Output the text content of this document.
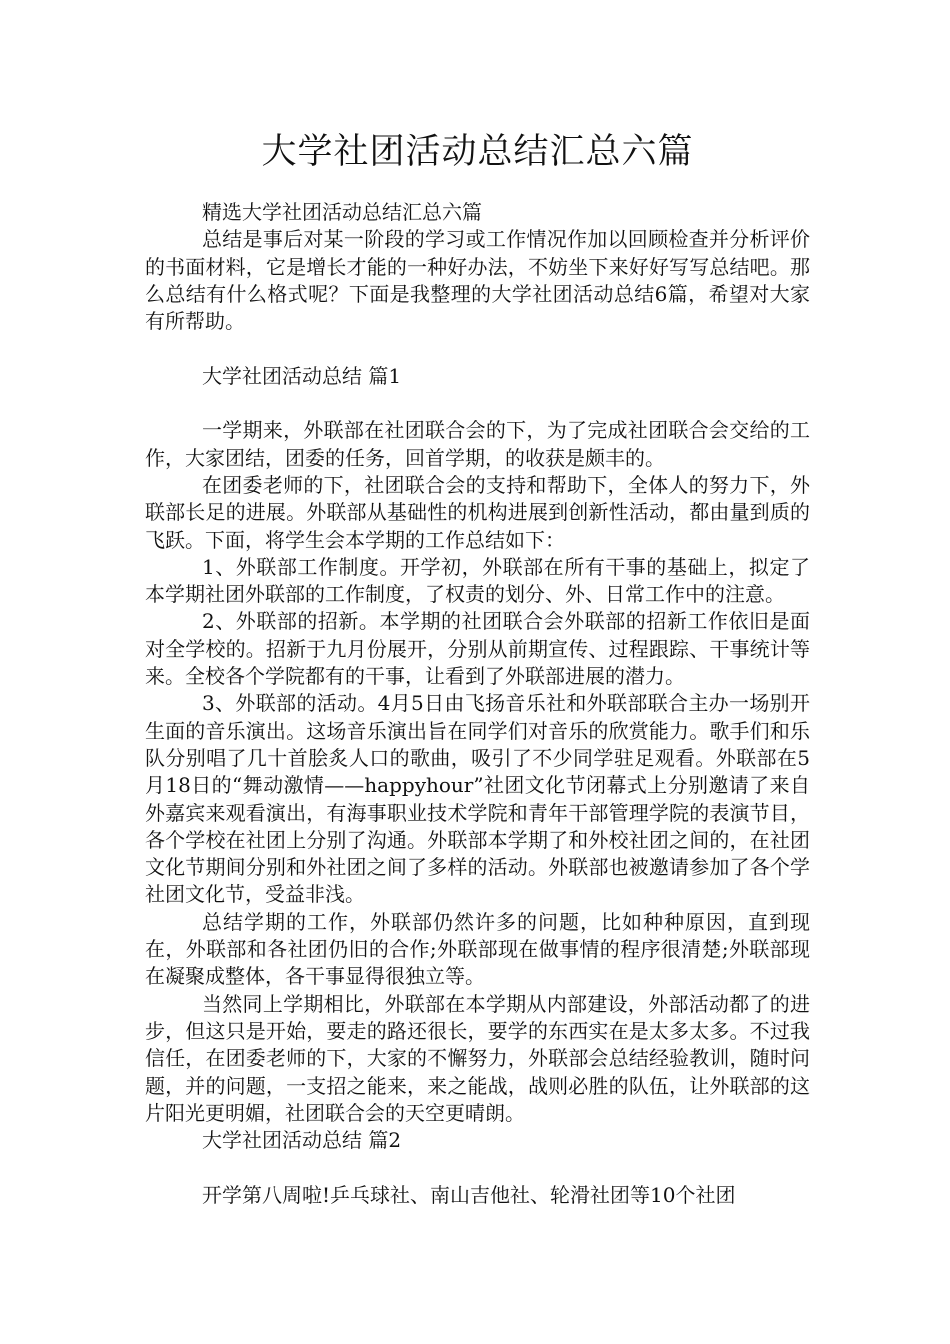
大学社团活动总结汇总六篇

精选大学社团活动总结汇总六篇

总结是事后对某一阶段的学习或工作情况作加以回顾检查并分析评价的书面材料，它是增长才能的一种好办法，不妨坐下来好好写写总结吧。那么总结有什么格式呢？下面是我整理的大学社团活动总结6篇，希望对大家有所帮助。

大学社团活动总结 篇1

一学期来，外联部在社团联合会的下，为了完成社团联合会交给的工作，大家团结，团委的任务，回首学期，的收获是颇丰的。

在团委老师的下，社团联合会的支持和帮助下，全体人的努力下，外联部长足的进展。外联部从基础性的机构进展到创新性活动，都由量到质的飞跃。下面，将学生会本学期的工作总结如下：

1、外联部工作制度。开学初，外联部在所有干事的基础上，拟定了本学期社团外联部的工作制度，了权责的划分、外、日常工作中的注意。

2、外联部的招新。本学期的社团联合会外联部的招新工作依旧是面对全学校的。招新于九月份展开，分别从前期宣传、过程跟踪、干事统计等来。全校各个学院都有的干事，让看到了外联部进展的潜力。

3、外联部的活动。4月5日由飞扬音乐社和外联部联合主办一场别开生面的音乐演出。这场音乐演出旨在同学们对音乐的欣赏能力。歌手们和乐队分别唱了几十首脍炙人口的歌曲，吸引了不少同学驻足观看。外联部在5月18日的“舞动激情——happyhour”社团文化节闭幕式上分别邀请了来自外嘉宾来观看演出，有海事职业技术学院和青年干部管理学院的表演节目，各个学校在社团上分别了沟通。外联部本学期了和外校社团之间的，在社团文化节期间分别和外社团之间了多样的活动。外联部也被邀请参加了各个学社团文化节，受益非浅。

总结学期的工作，外联部仍然许多的问题，比如种种原因，直到现在，外联部和各社团仍旧的合作;外联部现在做事情的程序很清楚;外联部现在凝聚成整体，各干事显得很独立等。

当然同上学期相比，外联部在本学期从内部建设，外部活动都了的进步，但这只是开始，要走的路还很长，要学的东西实在是太多太多。不过我信任，在团委老师的下，大家的不懈努力，外联部会总结经验教训，随时问题，并的问题，一支招之能来，来之能战，战则必胜的队伍，让外联部的这片阳光更明媚，社团联合会的天空更晴朗。

大学社团活动总结 篇2

开学第八周啦!乒乓球社、南山吉他社、轮滑社团等10个社团
